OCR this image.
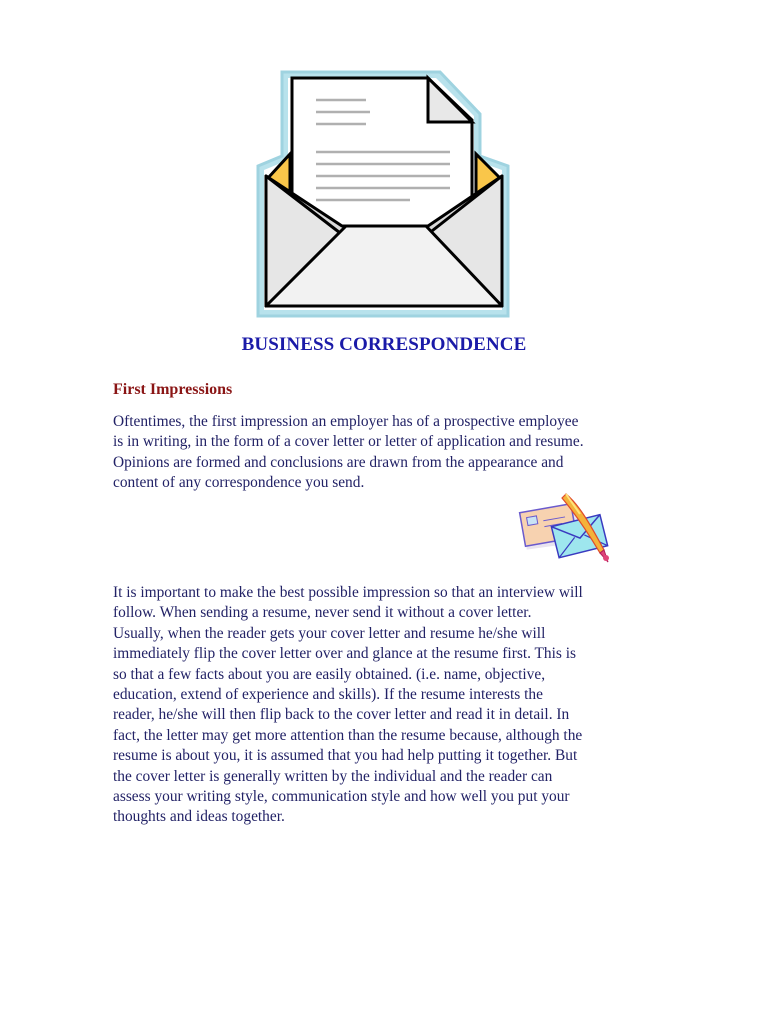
BUSINESS CORRESPONDENCE
First Impressions

Oftentimes, the first impression an employer has of a prospective employee
is in writing, in the form of a cover letter or letter of application and resume.
Opinions are formed and conclusions are drawn from the appearance and
content of any correspondence you send.

It is important to make the best possible impression so that an interview will
follow. When sending a resume, never send it without a cover letter.
Usually, when the reader gets your cover letter and resume he/she will
immediately flip the cover letter over and glance at the resume first. This is
so that a few facts about you are easily obtained. (i.e. name, objective,
education, extend of experience and skills). If the resume interests the
reader, he/she will then flip back to the cover letter and read it in detail. In
fact, the letter may get more attention than the resume because, although the
resume is about you, it is assumed that you had help putting it together. But
the cover letter is generally written by the individual and the reader can
assess your writing style, communication style and how well you put your
thoughts and ideas together.
